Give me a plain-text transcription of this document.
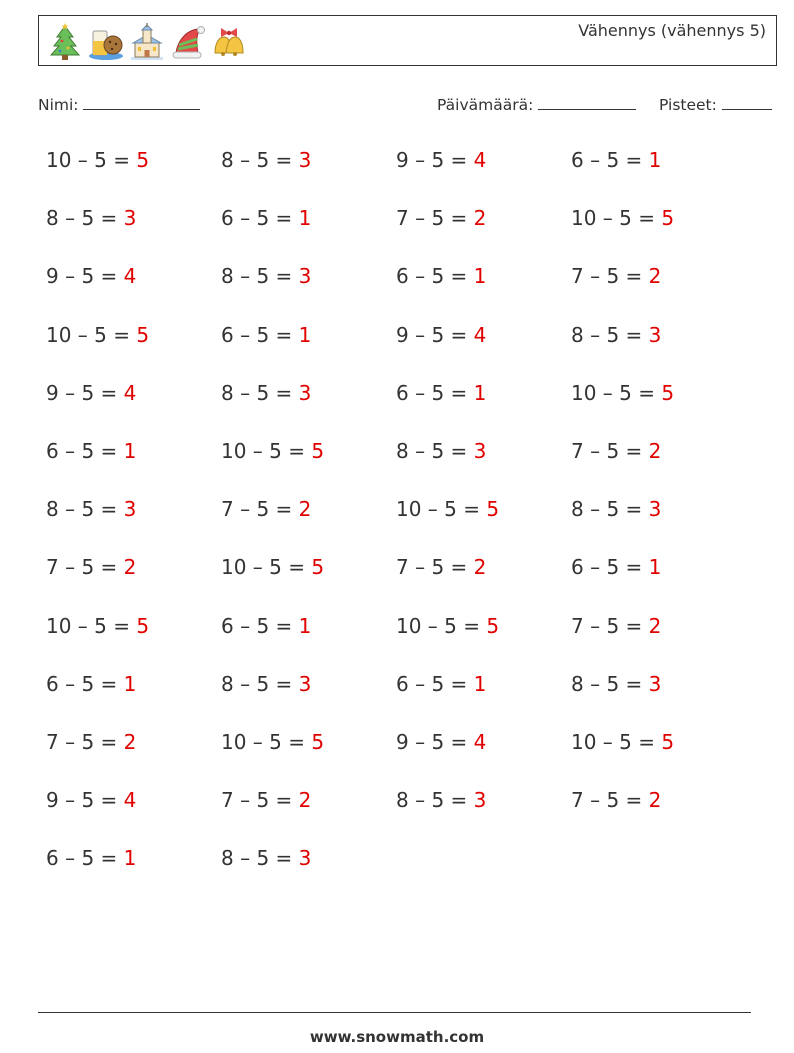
Vähennys (vähennys 5)
Nimi:	Päivämäärä:	Pisteet:
10 – 5 = 5	8 – 5 = 3	9 – 5 = 4	6 – 5 = 1
8 – 5 = 3	6 – 5 = 1	7 – 5 = 2	10 – 5 = 5
9 – 5 = 4	8 – 5 = 3	6 – 5 = 1	7 – 5 = 2
10 – 5 = 5	6 – 5 = 1	9 – 5 = 4	8 – 5 = 3
9 – 5 = 4	8 – 5 = 3	6 – 5 = 1	10 – 5 = 5
6 – 5 = 1	10 – 5 = 5	8 – 5 = 3	7 – 5 = 2
8 – 5 = 3	7 – 5 = 2	10 – 5 = 5	8 – 5 = 3
7 – 5 = 2	10 – 5 = 5	7 – 5 = 2	6 – 5 = 1
10 – 5 = 5	6 – 5 = 1	10 – 5 = 5	7 – 5 = 2
6 – 5 = 1	8 – 5 = 3	6 – 5 = 1	8 – 5 = 3
7 – 5 = 2	10 – 5 = 5	9 – 5 = 4	10 – 5 = 5
9 – 5 = 4	7 – 5 = 2	8 – 5 = 3	7 – 5 = 2
6 – 5 = 1	8 – 5 = 3
www.snowmath.com
